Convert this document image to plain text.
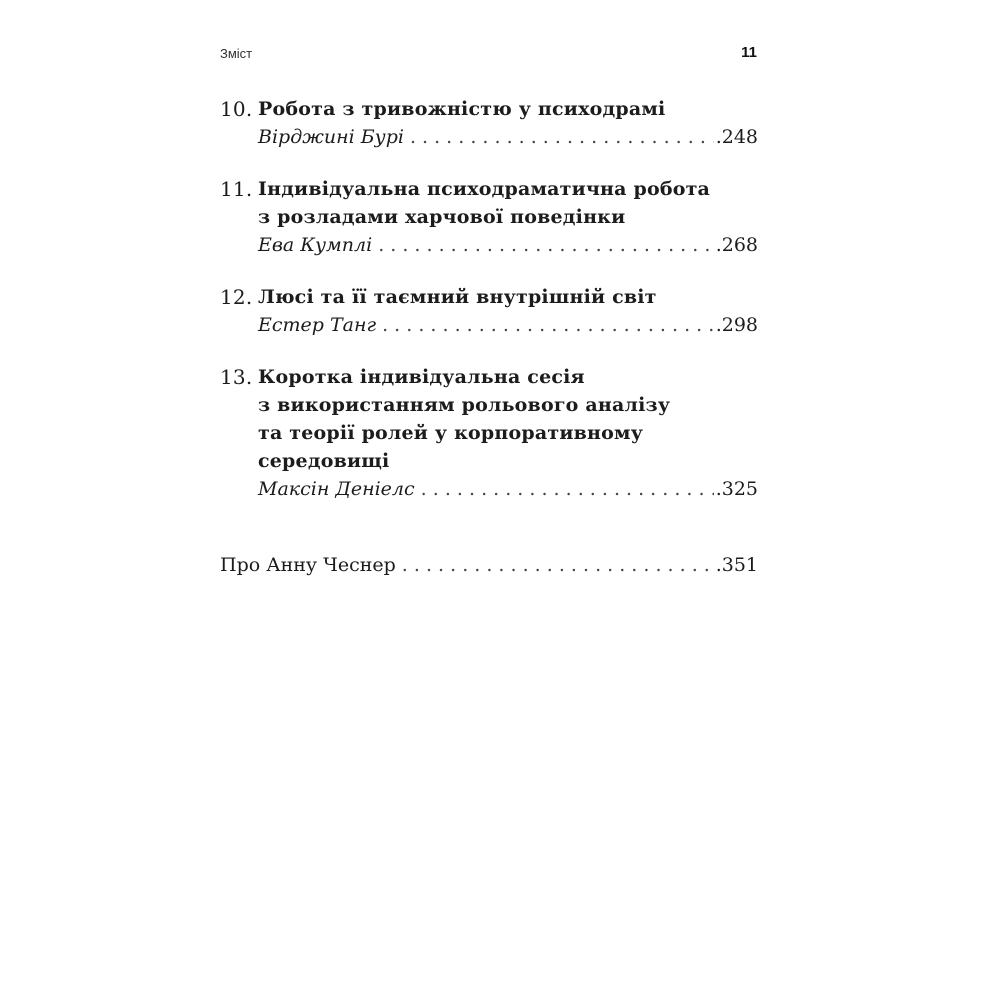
Зміст	11
10. Робота з тривожністю у психодрамі
Вірджині Бурі . . .	.248
11. Індивідуальна психодраматична робота
з розладами харчової поведінки
Ева Кумплі . . .	.268
12. Люсі та її таємний внутрішній світ
Естер Танг . . .	.298
13. Коротка індивідуальна сесія
з використанням рольового аналізу
та теорії ролей у корпоративному
середовищі
Максін Деніелс . . .	.325
Про Анну Чеснер . . .	.351
